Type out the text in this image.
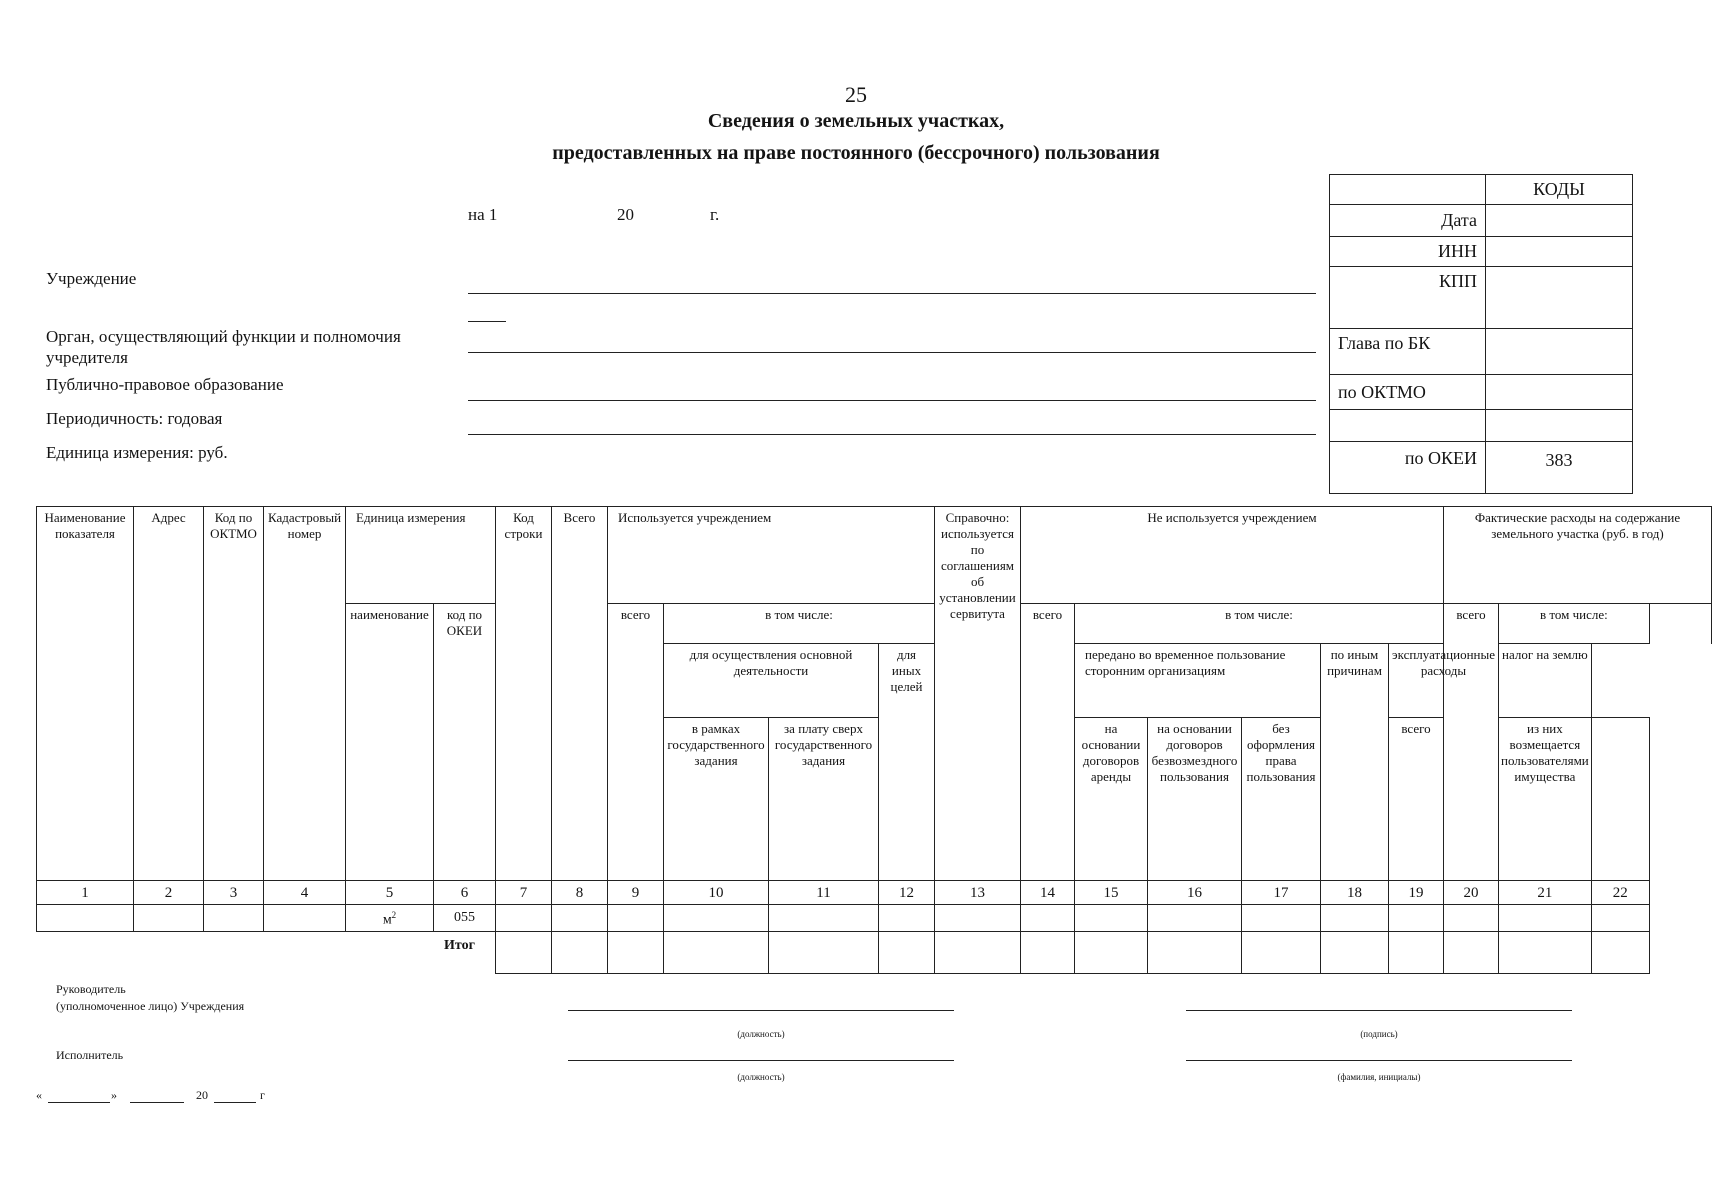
25
Сведения о земельных участках,
предоставленных на праве постоянного (бессрочного) пользования
на 1	20	г.
Учреждение
Орган, осуществляющий функции и полномочия учредителя
Публично-правовое образование
Периодичность: годовая
Единица измерения: руб.
	КОДЫ
Дата	
ИНН	
КПП	
Глава по БК	
по ОКТМО	

по ОКЕИ	383
Наименование показателя	Адрес	Код по ОКТМО	Кадастровый номер	Единица измерения		Код строки	Всего	Используется учреждением				Справочно: используется по соглашениям об установлении сервитута	Не используется учреждением						Фактические расходы на содержание земельного участка (руб. в год)			
				наименование	код по ОКЕИ			всего	в том числе:				всего	в том числе:					всего	в том числе:		
									для осуществления основной деятельности		для иных целей			передано во временное пользование сторонним организациям			по иным причинам	эксплуатационные расходы		налог на землю		
									в рамках государственного задания	за плату сверх государственного задания				на основании договоров аренды	на основании договоров безвозмездного пользования	без оформления права пользования		всего		из них возмещается пользователями имущества		
1	2	3	4	5	6	7	8	9	10	11	12	13	14	15	16	17	18	19	20	21	22	
				$м^2$	055																	
Итог																						
Руководитель
(уполномоченное лицо) Учреждения
(должность)	(подпись)
Исполнитель
(должность)	(фамилия, инициалы)
«	»	20	г
